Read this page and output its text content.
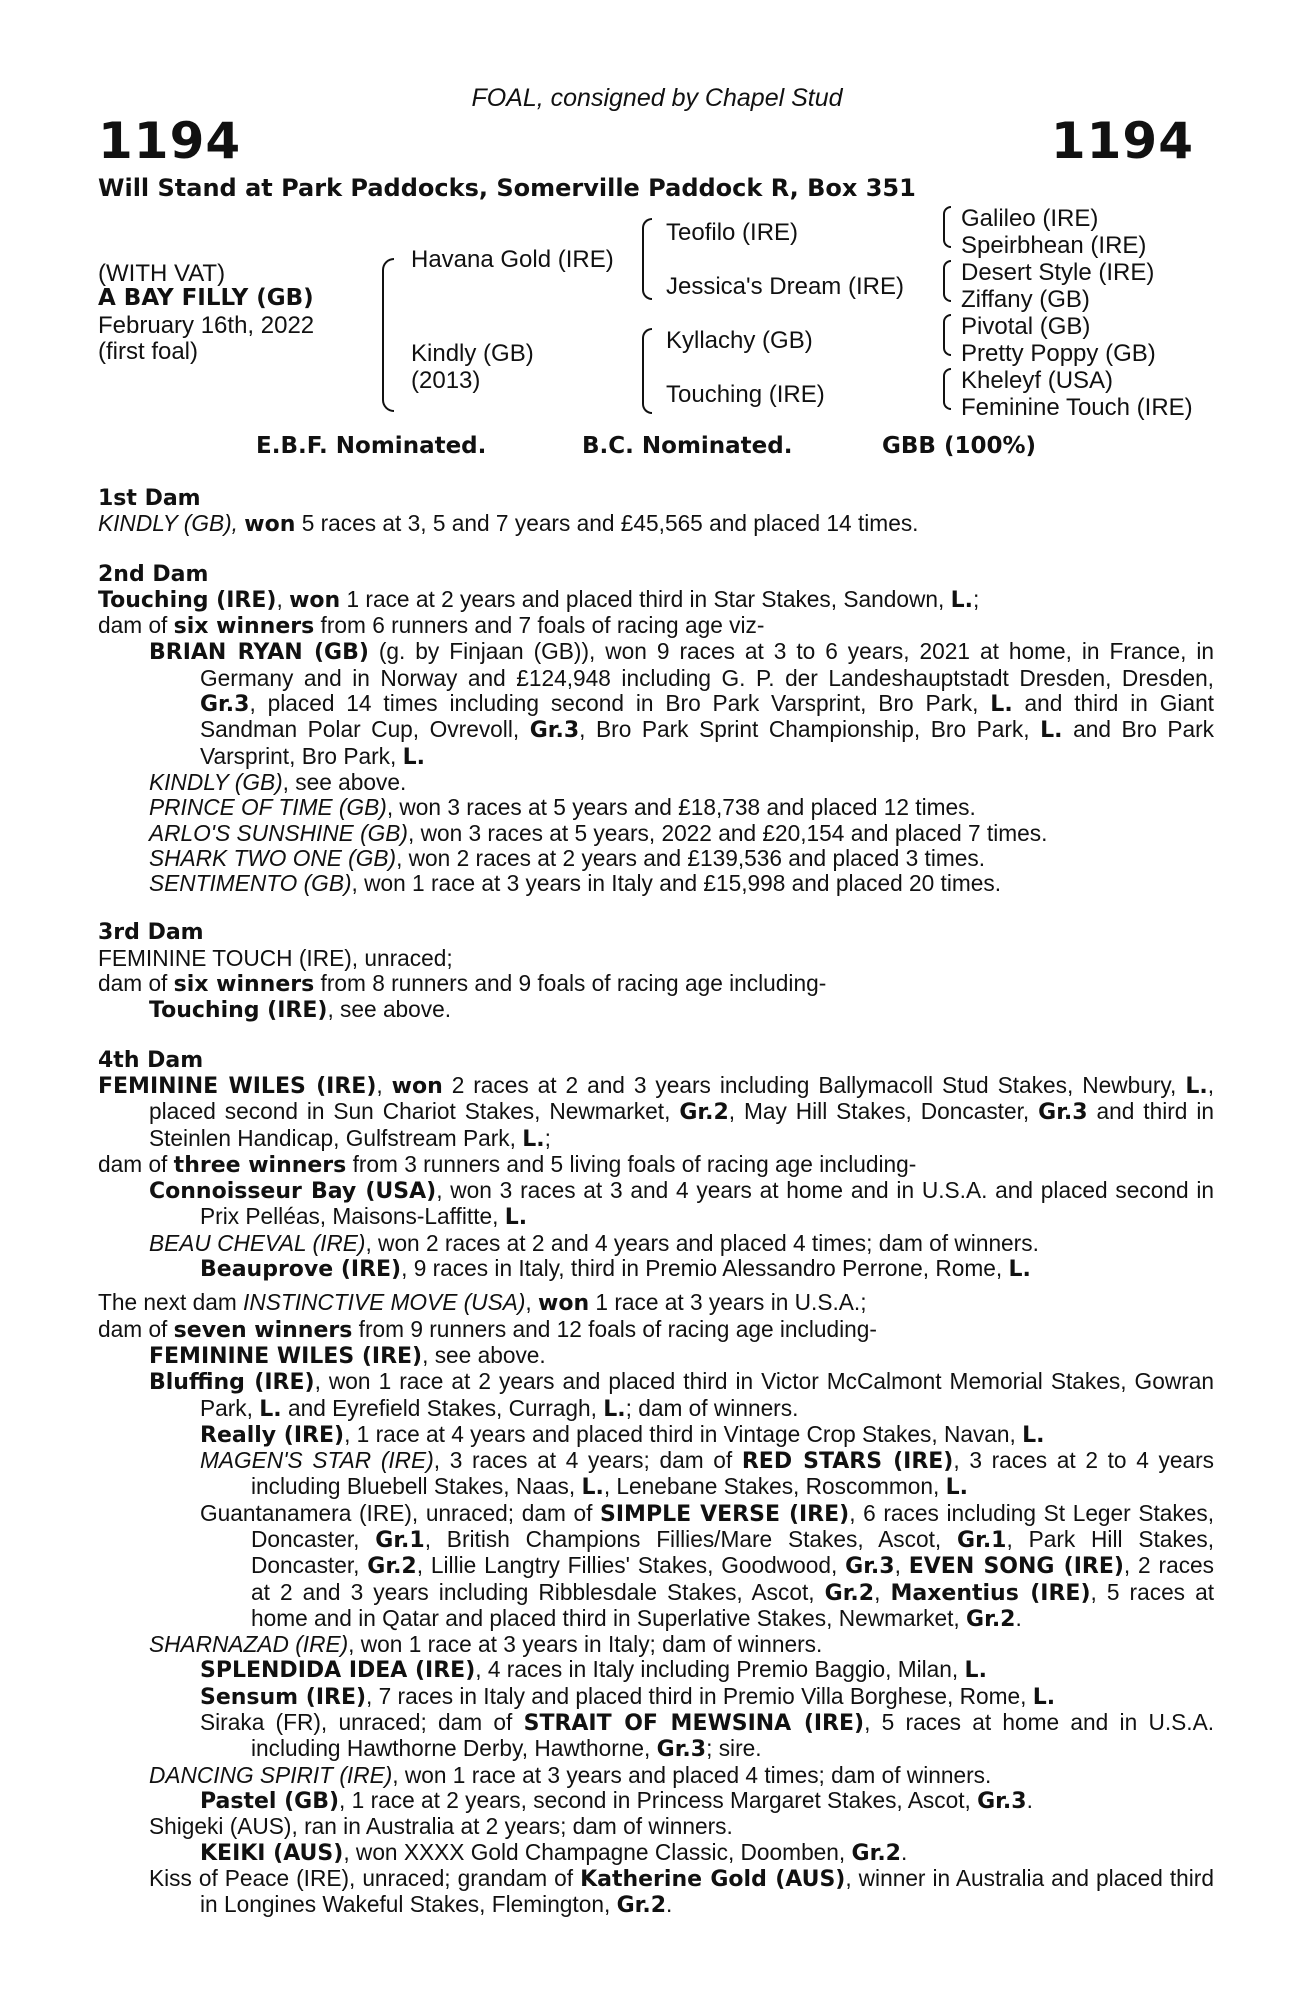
FOAL, consigned by Chapel Stud
1194	1194
Will Stand at Park Paddocks, Somerville Paddock R, Box 351
(WITH VAT)
A BAY FILLY (GB)
February 16th, 2022
(first foal)
Havana Gold (IRE)
Kindly (GB)
(2013)
Teofilo (IRE)
Jessica's Dream (IRE)
Kyllachy (GB)
Touching (IRE)
Galileo (IRE)
Speirbhean (IRE)
Desert Style (IRE)
Ziffany (GB)
Pivotal (GB)
Pretty Poppy (GB)
Kheleyf (USA)
Feminine Touch (IRE)
E.B.F. Nominated.	B.C. Nominated.	GBB (100%)

1st Dam

KINDLY (GB), won 5 races at 3, 5 and 7 years and £45,565 and placed 14 times.

2nd Dam

Touching (IRE), won 1 race at 2 years and placed third in Star Stakes, Sandown, L.;

dam of six winners from 6 runners and 7 foals of racing age viz-

BRIAN RYAN (GB) (g. by Finjaan (GB)), won 9 races at 3 to 6 years, 2021 at home, in France, in Germany and in Norway and £124,948 including G. P. der Landeshauptstadt Dresden, Dresden, Gr.3, placed 14 times including second in Bro Park Varsprint, Bro Park, L. and third in Giant Sandman Polar Cup, Ovrevoll, Gr.3, Bro Park Sprint Championship, Bro Park, L. and Bro Park Varsprint, Bro Park, L.

KINDLY (GB), see above.

PRINCE OF TIME (GB), won 3 races at 5 years and £18,738 and placed 12 times.

ARLO'S SUNSHINE (GB), won 3 races at 5 years, 2022 and £20,154 and placed 7 times.

SHARK TWO ONE (GB), won 2 races at 2 years and £139,536 and placed 3 times.

SENTIMENTO (GB), won 1 race at 3 years in Italy and £15,998 and placed 20 times.

3rd Dam

FEMININE TOUCH (IRE), unraced;

dam of six winners from 8 runners and 9 foals of racing age including-

Touching (IRE), see above.

4th Dam

FEMININE WILES (IRE), won 2 races at 2 and 3 years including Ballymacoll Stud Stakes, Newbury, L., placed second in Sun Chariot Stakes, Newmarket, Gr.2, May Hill Stakes, Doncaster, Gr.3 and third in Steinlen Handicap, Gulfstream Park, L.;

dam of three winners from 3 runners and 5 living foals of racing age including-

Connoisseur Bay (USA), won 3 races at 3 and 4 years at home and in U.S.A. and placed second in Prix Pelléas, Maisons-Laffitte, L.

BEAU CHEVAL (IRE), won 2 races at 2 and 4 years and placed 4 times; dam of winners.

Beauprove (IRE), 9 races in Italy, third in Premio Alessandro Perrone, Rome, L.

The next dam INSTINCTIVE MOVE (USA), won 1 race at 3 years in U.S.A.;

dam of seven winners from 9 runners and 12 foals of racing age including-

FEMININE WILES (IRE), see above.

Bluffing (IRE), won 1 race at 2 years and placed third in Victor McCalmont Memorial Stakes, Gowran Park, L. and Eyrefield Stakes, Curragh, L.; dam of winners.

Really (IRE), 1 race at 4 years and placed third in Vintage Crop Stakes, Navan, L.

MAGEN'S STAR (IRE), 3 races at 4 years; dam of RED STARS (IRE), 3 races at 2 to 4 years including Bluebell Stakes, Naas, L., Lenebane Stakes, Roscommon, L.

Guantanamera (IRE), unraced; dam of SIMPLE VERSE (IRE), 6 races including St Leger Stakes, Doncaster, Gr.1, British Champions Fillies/Mare Stakes, Ascot, Gr.1, Park Hill Stakes, Doncaster, Gr.2, Lillie Langtry Fillies' Stakes, Goodwood, Gr.3, EVEN SONG (IRE), 2 races at 2 and 3 years including Ribblesdale Stakes, Ascot, Gr.2, Maxentius (IRE), 5 races at home and in Qatar and placed third in Superlative Stakes, Newmarket, Gr.2.

SHARNAZAD (IRE), won 1 race at 3 years in Italy; dam of winners.

SPLENDIDA IDEA (IRE), 4 races in Italy including Premio Baggio, Milan, L.

Sensum (IRE), 7 races in Italy and placed third in Premio Villa Borghese, Rome, L.

Siraka (FR), unraced; dam of STRAIT OF MEWSINA (IRE), 5 races at home and in U.S.A. including Hawthorne Derby, Hawthorne, Gr.3; sire.

DANCING SPIRIT (IRE), won 1 race at 3 years and placed 4 times; dam of winners.

Pastel (GB), 1 race at 2 years, second in Princess Margaret Stakes, Ascot, Gr.3.

Shigeki (AUS), ran in Australia at 2 years; dam of winners.

KEIKI (AUS), won XXXX Gold Champagne Classic, Doomben, Gr.2.

Kiss of Peace (IRE), unraced; grandam of Katherine Gold (AUS), winner in Australia and placed third in Longines Wakeful Stakes, Flemington, Gr.2.
